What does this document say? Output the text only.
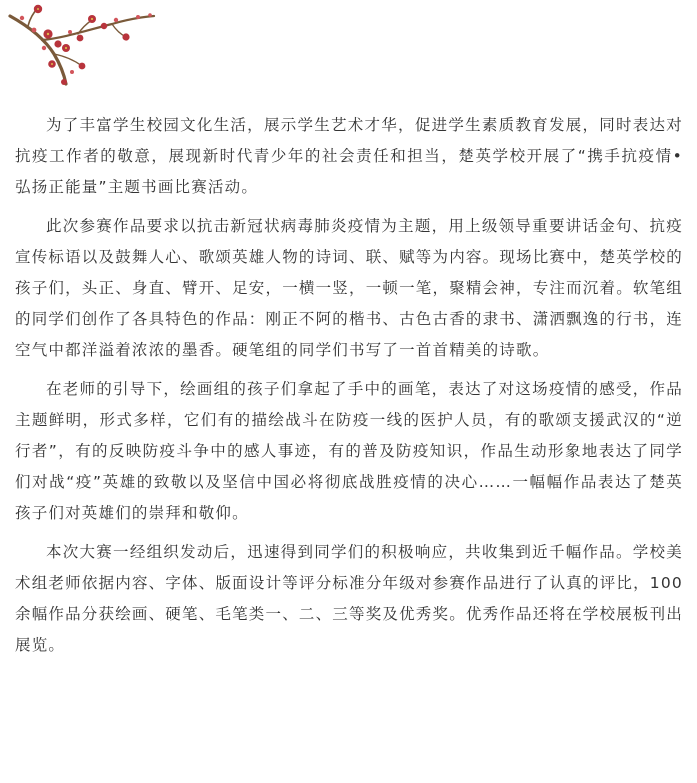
为了丰富学生校园文化生活，展示学生艺术才华，促进学生素质教育发展，同时表达对抗疫工作者的敬意，展现新时代青少年的社会责任和担当，楚英学校开展了“携手抗疫情•弘扬正能量”主题书画比赛活动。

此次参赛作品要求以抗击新冠状病毒肺炎疫情为主题，用上级领导重要讲话金句、抗疫宣传标语以及鼓舞人心、歌颂英雄人物的诗词、联、赋等为内容。现场比赛中，楚英学校的孩子们，头正、身直、臂开、足安，一横一竖，一顿一笔，聚精会神，专注而沉着。软笔组的同学们创作了各具特色的作品：刚正不阿的楷书、古色古香的隶书、潇洒飘逸的行书，连空气中都洋溢着浓浓的墨香。硬笔组的同学们书写了一首首精美的诗歌。

在老师的引导下，绘画组的孩子们拿起了手中的画笔，表达了对这场疫情的感受，作品主题鲜明，形式多样，它们有的描绘战斗在防疫一线的医护人员，有的歌颂支援武汉的“逆行者”，有的反映防疫斗争中的感人事迹，有的普及防疫知识，作品生动形象地表达了同学们对战“疫”英雄的致敬以及坚信中国必将彻底战胜疫情的决心……一幅幅作品表达了楚英孩子们对英雄们的崇拜和敬仰。

本次大赛一经组织发动后，迅速得到同学们的积极响应，共收集到近千幅作品。学校美术组老师依据内容、字体、版面设计等评分标准分年级对参赛作品进行了认真的评比，100余幅作品分获绘画、硬笔、毛笔类一、二、三等奖及优秀奖。优秀作品还将在学校展板刊出展览。
